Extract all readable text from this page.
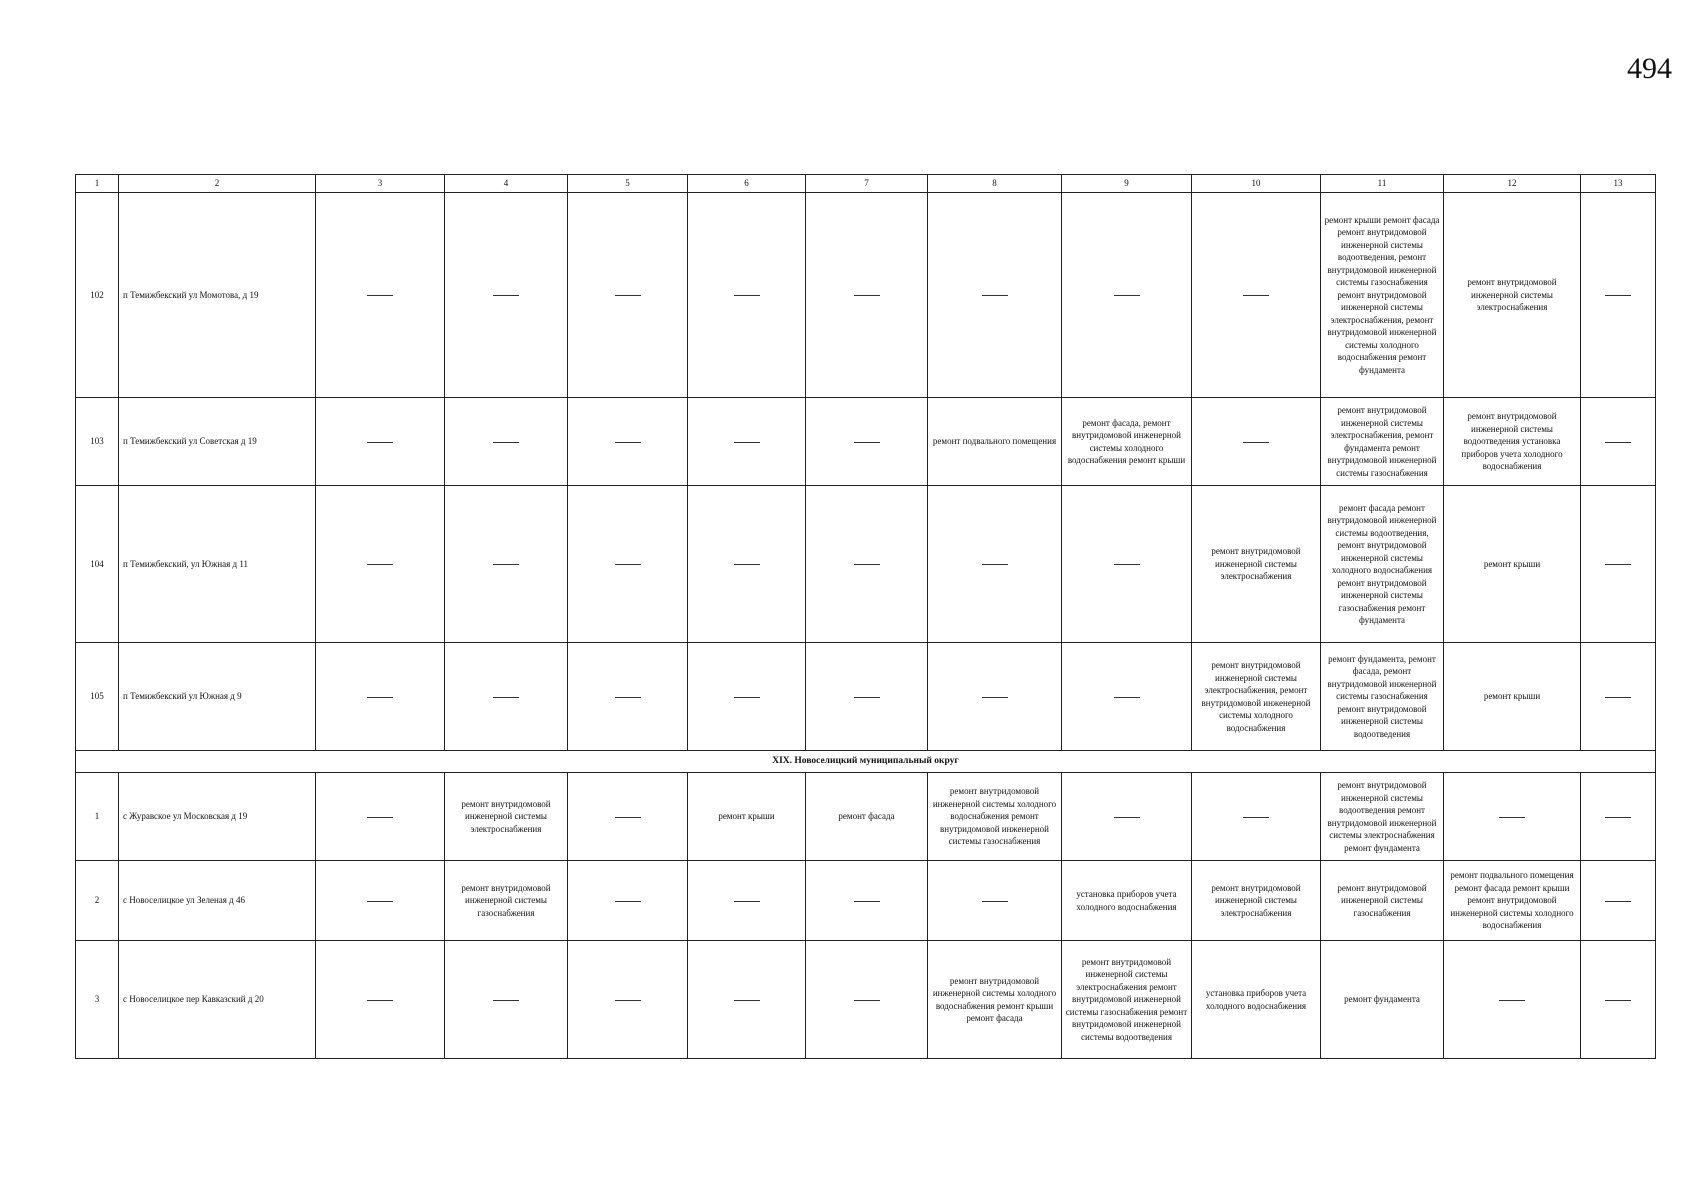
494
1	2	3	4	5	6	7	8	9	10	11	12	13
102	п Темижбекский ул Момотова, д 19									ремонт крыши ремонт фасада ремонт внутридомовой инженерной системы водоотведения, ремонт внутридомовой инженерной системы газоснабжения ремонт внутридомовой инженерной системы электроснабжения, ремонт внутридомовой инженерной системы холодного водоснабжения ремонт фундамента	ремонт внутридомовой инженерной системы электроснабжения	
103	п Темижбекский ул Советская д 19						ремонт подвального помещения	ремонт фасада, ремонт внутридомовой инженерной системы холодного водоснабжения ремонт крыши		ремонт внутридомовой инженерной системы электроснабжения, ремонт фундамента ремонт внутридомовой инженерной системы газоснабжения	ремонт внутридомовой инженерной системы водоотведения установка приборов учета холодного водоснабжения	
104	п Темижбекский, ул Южная д 11								ремонт внутридомовой инженерной системы электроснабжения	ремонт фасада ремонт внутридомовой инженерной системы водоотведения, ремонт внутридомовой инженерной системы холодного водоснабжения ремонт внутридомовой инженерной системы газоснабжения ремонт фундамента	ремонт крыши	
105	п Темижбекский ул Южная д 9								ремонт внутридомовой инженерной системы электроснабжения, ремонт внутридомовой инженерной системы холодного водоснабжения	ремонт фундамента, ремонт фасада, ремонт внутридомовой инженерной системы газоснабжения ремонт внутридомовой инженерной системы водоотведения	ремонт крыши	
XIX. Новоселицкий муниципальный округ												
1	с Журавское ул Московская д 19		ремонт внутридомовой инженерной системы электроснабжения		ремонт крыши	ремонт фасада	ремонт внутридомовой инженерной системы холодного водоснабжения ремонт внутридомовой инженерной системы газоснабжения			ремонт внутридомовой инженерной системы водоотведения ремонт внутридомовой инженерной системы электроснабжения ремонт фундамента		
2	с Новоселицкое ул Зеленая д 46		ремонт внутридомовой инженерной системы газоснабжения					установка приборов учета холодного водоснабжения	ремонт внутридомовой инженерной системы электроснабжения	ремонт внутридомовой инженерной системы газоснабжения	ремонт подвального помещения ремонт фасада ремонт крыши ремонт внутридомовой инженерной системы холодного водоснабжения	
3	с Новоселицкое пер Кавказский д 20						ремонт внутридомовой инженерной системы холодного водоснабжения ремонт крыши ремонт фасада	ремонт внутридомовой инженерной системы электроснабжения ремонт внутридомовой инженерной системы газоснабжения ремонт внутридомовой инженерной системы водоотведения	установка приборов учета холодного водоснабжения	ремонт фундамента		
